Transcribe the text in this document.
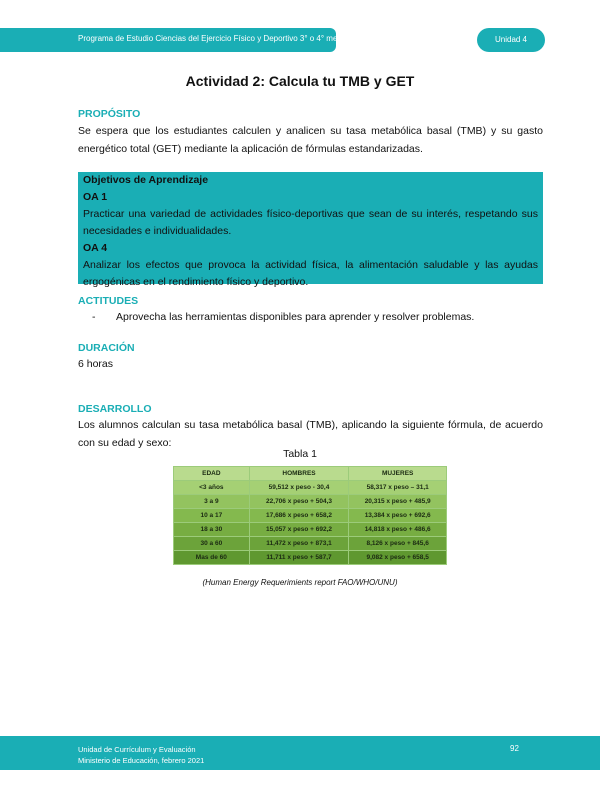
Programa de Estudio Ciencias del Ejercicio Físico y Deportivo 3° o 4° medio	Unidad 4
Actividad 2: Calcula tu TMB y GET
PROPÓSITO
Se espera que los estudiantes calculen y analicen su tasa metabólica basal (TMB) y su gasto energético total (GET) mediante la aplicación de fórmulas estandarizadas.
Objetivos de Aprendizaje
OA 1
Practicar una variedad de actividades físico-deportivas que sean de su interés, respetando sus necesidades e individualidades.
OA 4
Analizar los efectos que provoca la actividad física, la alimentación saludable y las ayudas ergogénicas en el rendimiento físico y deportivo.
ACTITUDES
- Aprovecha las herramientas disponibles para aprender y resolver problemas.
DURACIÓN
6 horas
DESARROLLO
Los alumnos calculan su tasa metabólica basal (TMB), aplicando la siguiente fórmula, de acuerdo con su edad y sexo:
Tabla 1
EDAD	HOMBRES	MUJERES
<3 años	59,512 x peso - 30,4	58,317 x peso – 31,1
3 a 9	22,706 x peso + 504,3	20,315 x peso + 485,9
10 a 17	17,686 x peso + 658,2	13,384 x peso + 692,6
18 a 30	15,057 x peso + 692,2	14,818 x peso + 486,6
30 a 60	11,472 x peso + 873,1	8,126 x peso + 845,6
Mas de 60	11,711 x peso + 587,7	9,082 x peso + 658,5
(Human Energy Requerimients report FAO/WHO/UNU)
Unidad de Currículum y Evaluación
Ministerio de Educación, febrero 2021
92
